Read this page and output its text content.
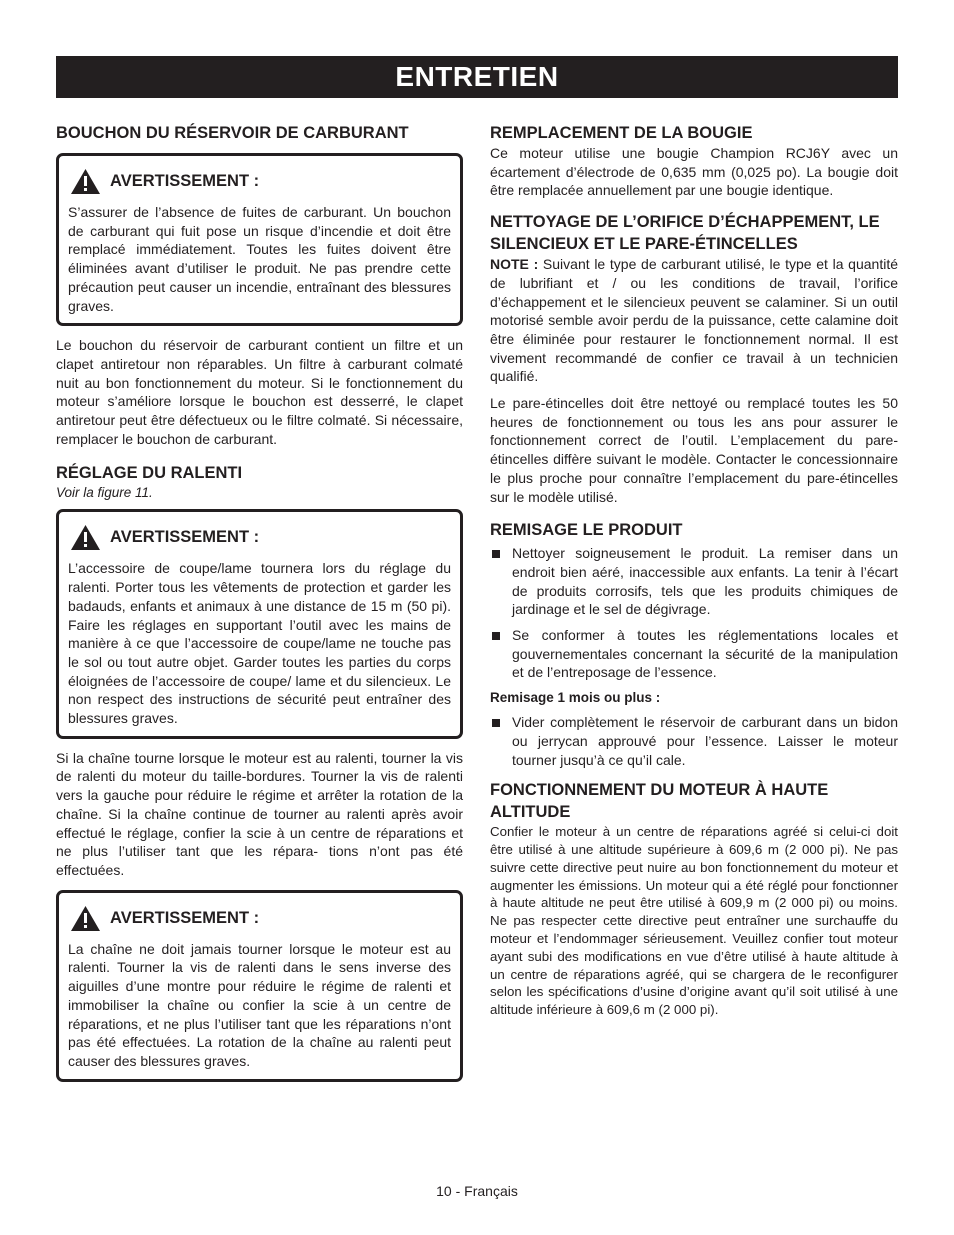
ENTRETIEN
BOUCHON DU RÉSERVOIR DE CARBURANT
AVERTISSEMENT :

S’assurer de l’absence de fuites de carburant. Un bouchon de carburant qui fuit pose un risque d’incendie et doit être remplacé immédiatement. Toutes les fuites doivent être éliminées avant d’utiliser le produit. Ne pas prendre cette précaution peut causer un incendie, entraînant des blessures graves.

Le bouchon du réservoir de carburant contient un filtre et un clapet antiretour non réparables. Un filtre à carburant colmaté nuit au bon fonctionnement du moteur. Si le fonctionnement du moteur s’améliore lorsque le bouchon est desserré, le clapet antiretour peut être défectueux ou le filtre colmaté. Si nécessaire, remplacer le bouchon de carburant.

RÉGLAGE DU RALENTI

Voir la figure 11.

AVERTISSEMENT :

L’accessoire de coupe/lame tournera lors du réglage du ralenti. Porter tous les vêtements de protection et garder les badauds, enfants et animaux à une distance de 15 m (50 pi). Faire les réglages en supportant l’outil avec les mains de manière à ce que l’accessoire de coupe/lame ne touche pas le sol ou tout autre objet. Garder toutes les parties du corps éloignées de l’accessoire de coupe/ lame et du silencieux. Le non respect des instructions de sécurité peut entraîner des blessures graves.

Si la chaîne tourne lorsque le moteur est au ralenti, tourner la vis de ralenti du moteur du taille-bordures. Tourner la vis de ralenti vers la gauche pour réduire le régime et arrêter la rotation de la chaîne. Si la chaîne continue de tourner au ralenti après avoir effectué le réglage, confier la scie à un centre de réparations et ne plus l’utiliser tant que les répara- tions n’ont pas été effectuées.

AVERTISSEMENT :

La chaîne ne doit jamais tourner lorsque le moteur est au ralenti. Tourner la vis de ralenti dans le sens inverse des aiguilles d’une montre pour réduire le régime de ralenti et immobiliser la chaîne ou confier la scie à un centre de réparations, et ne plus l’utiliser tant que les réparations n’ont pas été effectuées. La rotation de la chaîne au ralenti peut causer des blessures graves.

REMPLACEMENT DE LA BOUGIE

Ce moteur utilise une bougie Champion RCJ6Y avec un écartement d’électrode de 0,635 mm (0,025 po). La bougie doit être remplacée annuellement par une bougie identique.

NETTOYAGE DE L’ORIFICE D’ÉCHAPPEMENT, LE SILENCIEUX ET LE PARE-ÉTINCELLES

NOTE : Suivant le type de carburant utilisé, le type et la quantité de lubrifiant et / ou les conditions de travail, l’orifice d’échappement et le silencieux peuvent se calaminer. Si un outil motorisé semble avoir perdu de la puissance, cette calamine doit être éliminée pour restaurer le fonctionnement normal. Il est vivement recommandé de confier ce travail à un technicien qualifié.

Le pare-étincelles doit être nettoyé ou remplacé toutes les 50 heures de fonctionnement ou tous les ans pour assurer le fonctionnement correct de l’outil. L’emplacement du pare-étincelles diffère suivant le modèle. Contacter le concessionnaire le plus proche pour connaître l’emplacement du pare-étincelles sur le modèle utilisé.

REMISAGE LE PRODUIT
Nettoyer soigneusement le produit. La remiser dans un endroit bien aéré, inaccessible aux enfants. La tenir à l’écart de produits corrosifs, tels que les produits chimiques de jardinage et le sel de dégivrage.
Se conformer à toutes les réglementations locales et gouvernementales concernant la sécurité de la manipulation et de l’entreposage de l’essence.
Remisage 1 mois ou plus :
Vider complètement le réservoir de carburant dans un bidon ou jerrycan approuvé pour l’essence. Laisser le moteur tourner jusqu’à ce qu’il cale.
FONCTIONNEMENT DU MOTEUR À HAUTE ALTITUDE

Confier le moteur à un centre de réparations agréé si celui-ci doit être utilisé à une altitude supérieure à 609,6 m (2 000 pi). Ne pas suivre cette directive peut nuire au bon fonctionnement du moteur et augmenter les émissions. Un moteur qui a été réglé pour fonctionner à haute altitude ne peut être utilisé à 609,9 m (2 000 pi) ou moins. Ne pas respecter cette directive peut entraîner une surchauffe du moteur et l’endommager sérieusement. Veuillez confier tout moteur ayant subi des modifications en vue d’être utilisé à haute altitude à un centre de réparations agréé, qui se chargera de le reconfigurer selon les spécifications d’usine d’origine avant qu’il soit utilisé à une altitude inférieure à 609,6 m (2 000 pi).

10 - Français
